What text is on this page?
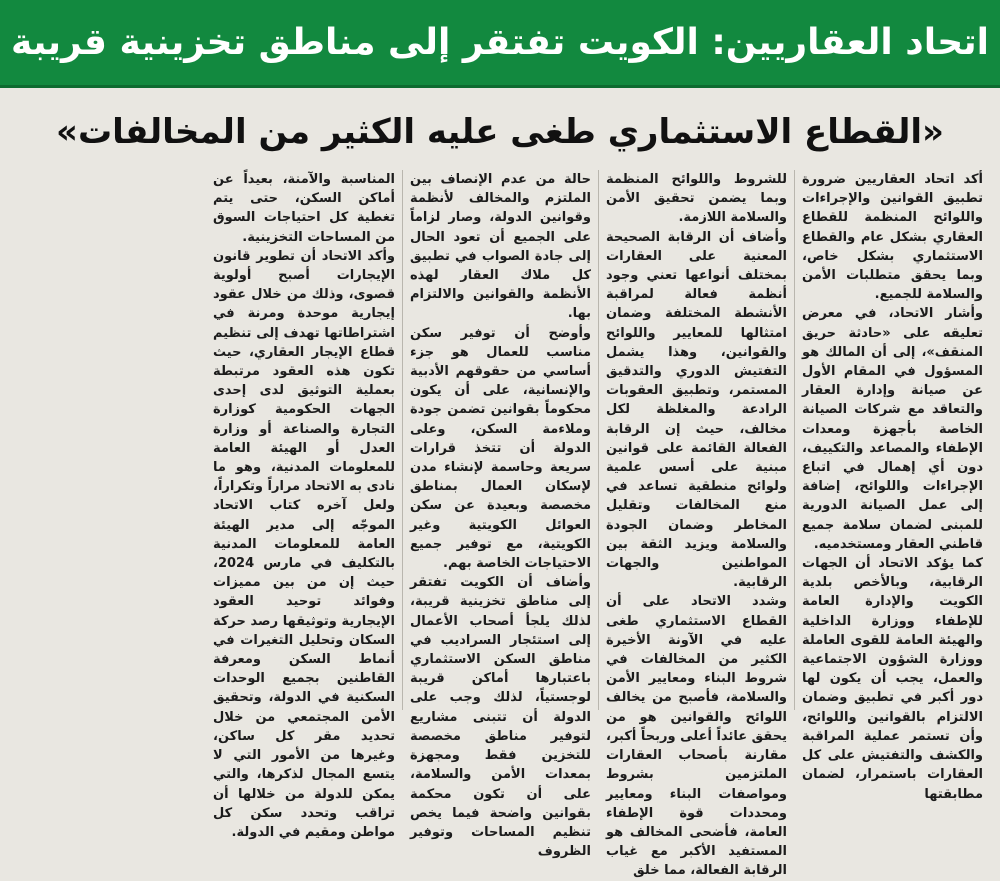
اتحاد العقاريين: الكويت تفتقر إلى مناطق تخزينية قريبة
«القطاع الاستثماري طغى عليه الكثير من المخالفات»

أكد اتحاد العقاريين ضرورة تطبيق القوانين والإجراءات واللوائح المنظمة للقطاع العقاري بشكل عام والقطاع الاستثماري بشكل خاص، وبما يحقق متطلبات الأمن والسلامة للجميع.

وأشار الاتحاد، في معرض تعليقه على «حادثة حريق المنقف»، إلى أن المالك هو المسؤول في المقام الأول عن صيانة وإدارة العقار والتعاقد مع شركات الصيانة الخاصة بأجهزة ومعدات الإطفاء والمصاعد والتكييف، دون أي إهمال في اتباع الإجراءات واللوائح، إضافة إلى عمل الصيانة الدورية للمبنى لضمان سلامة جميع قاطني العقار ومستخدميه.

كما يؤكد الاتحاد أن الجهات الرقابية، وبالأخص بلدية الكويت والإدارة العامة للإطفاء ووزارة الداخلية والهيئة العامة للقوى العاملة ووزارة الشؤون الاجتماعية والعمل، يجب أن يكون لها دور أكبر في تطبيق وضمان الالتزام بالقوانين واللوائح، وأن تستمر عملية المراقبة والكشف والتفتيش على كل العقارات باستمرار، لضمان مطابقتها

للشروط واللوائح المنظمة وبما يضمن تحقيق الأمن والسلامة اللازمة.

وأضاف أن الرقابة الصحيحة المعنية على العقارات بمختلف أنواعها تعني وجود أنظمة فعالة لمراقبة الأنشطة المختلفة وضمان امتثالها للمعايير واللوائح والقوانين، وهذا يشمل التفتيش الدوري والتدقيق المستمر، وتطبيق العقوبات الرادعة والمغلظة لكل مخالف، حيث إن الرقابة الفعالة القائمة على قوانين مبنية على أسس علمية ولوائح منطقية تساعد في منع المخالفات وتقليل المخاطر وضمان الجودة والسلامة ويزيد الثقة بين المواطنين والجهات الرقابية.

وشدد الاتحاد على أن القطاع الاستثماري طغى عليه في الآونة الأخيرة الكثير من المخالفات في شروط البناء ومعايير الأمن والسلامة، فأصبح من يخالف اللوائح والقوانين هو من يحقق عائداً أعلى وربحاً أكبر، مقارنة بأصحاب العقارات الملتزمين بشروط ومواصفات البناء ومعايير ومحددات قوة الإطفاء العامة، فأضحى المخالف هو المستفيد الأكبر مع غياب الرقابة الفعالة، مما خلق

حالة من عدم الإنصاف بين الملتزم والمخالف لأنظمة وقوانين الدولة، وصار لزاماً على الجميع أن تعود الحال إلى جادة الصواب في تطبيق كل ملاك العقار لهذه الأنظمة والقوانين والالتزام بها.

وأوضح أن توفير سكن مناسب للعمال هو جزء أساسي من حقوقهم الأدبية والإنسانية، على أن يكون محكوماً بقوانين تضمن جودة وملاءمة السكن، وعلى الدولة أن تتخذ قرارات سريعة وحاسمة لإنشاء مدن لإسكان العمال بمناطق مخصصة وبعيدة عن سكن العوائل الكويتية وغير الكويتية، مع توفير جميع الاحتياجات الخاصة بهم.

وأضاف أن الكويت تفتقر إلى مناطق تخزينية قريبة، لذلك يلجأ أصحاب الأعمال إلى استئجار السراديب في مناطق السكن الاستثماري باعتبارها أماكن قريبة لوجستياً، لذلك وجب على الدولة أن تتبنى مشاريع لتوفير مناطق مخصصة للتخزين فقط ومجهزة بمعدات الأمن والسلامة، على أن تكون محكمة بقوانين واضحة فيما يخص تنظيم المساحات وتوفير الظروف

المناسبة والآمنة، بعيداً عن أماكن السكن، حتى يتم تغطية كل احتياجات السوق من المساحات التخزينية.

وأكد الاتحاد أن تطوير قانون الإيجارات أصبح أولوية قصوى، وذلك من خلال عقود إيجارية موحدة ومرنة في اشتراطاتها تهدف إلى تنظيم قطاع الإيجار العقاري، حيث تكون هذه العقود مرتبطة بعملية التوثيق لدى إحدى الجهات الحكومية كوزارة التجارة والصناعة أو وزارة العدل أو الهيئة العامة للمعلومات المدنية، وهو ما نادى به الاتحاد مراراً وتكراراً، ولعل آخره كتاب الاتحاد الموجّه إلى مدير الهيئة العامة للمعلومات المدنية بالتكليف في مارس 2024، حيث إن من بين مميزات وفوائد توحيد العقود الإيجارية وتوثيقها رصد حركة السكان وتحليل التغيرات في أنماط السكن ومعرفة القاطنين بجميع الوحدات السكنية في الدولة، وتحقيق الأمن المجتمعي من خلال تحديد مقر كل ساكن، وغيرها من الأمور التي لا يتسع المجال لذكرها، والتي يمكن للدولة من خلالها أن تراقب وتحدد سكن كل مواطن ومقيم في الدولة.
